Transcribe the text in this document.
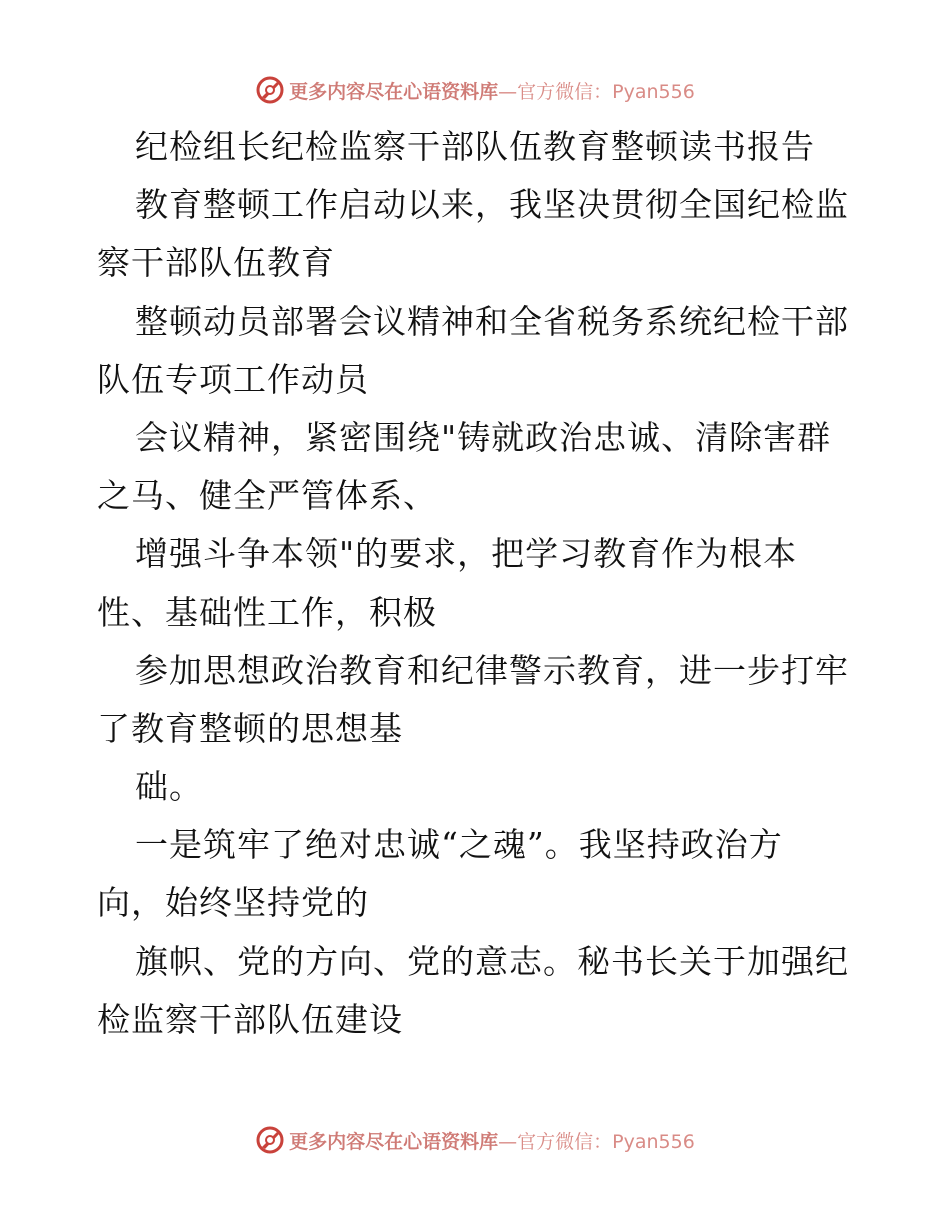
更多内容尽在心语资料库—官方微信：Pyan556
纪检组长纪检监察干部队伍教育整顿读书报告
教育整顿工作启动以来，我坚决贯彻全国纪检监
察干部队伍教育
整顿动员部署会议精神和全省税务系统纪检干部
队伍专项工作动员
会议精神，紧密围绕"铸就政治忠诚、清除害群
之马、健全严管体系、
增强斗争本领"的要求，把学习教育作为根本
性、基础性工作，积极
参加思想政治教育和纪律警示教育，进一步打牢
了教育整顿的思想基
础。
一是筑牢了绝对忠诚“之魂”。我坚持政治方
向，始终坚持党的
旗帜、党的方向、党的意志。秘书长关于加强纪
检监察干部队伍建设
更多内容尽在心语资料库—官方微信：Pyan556
